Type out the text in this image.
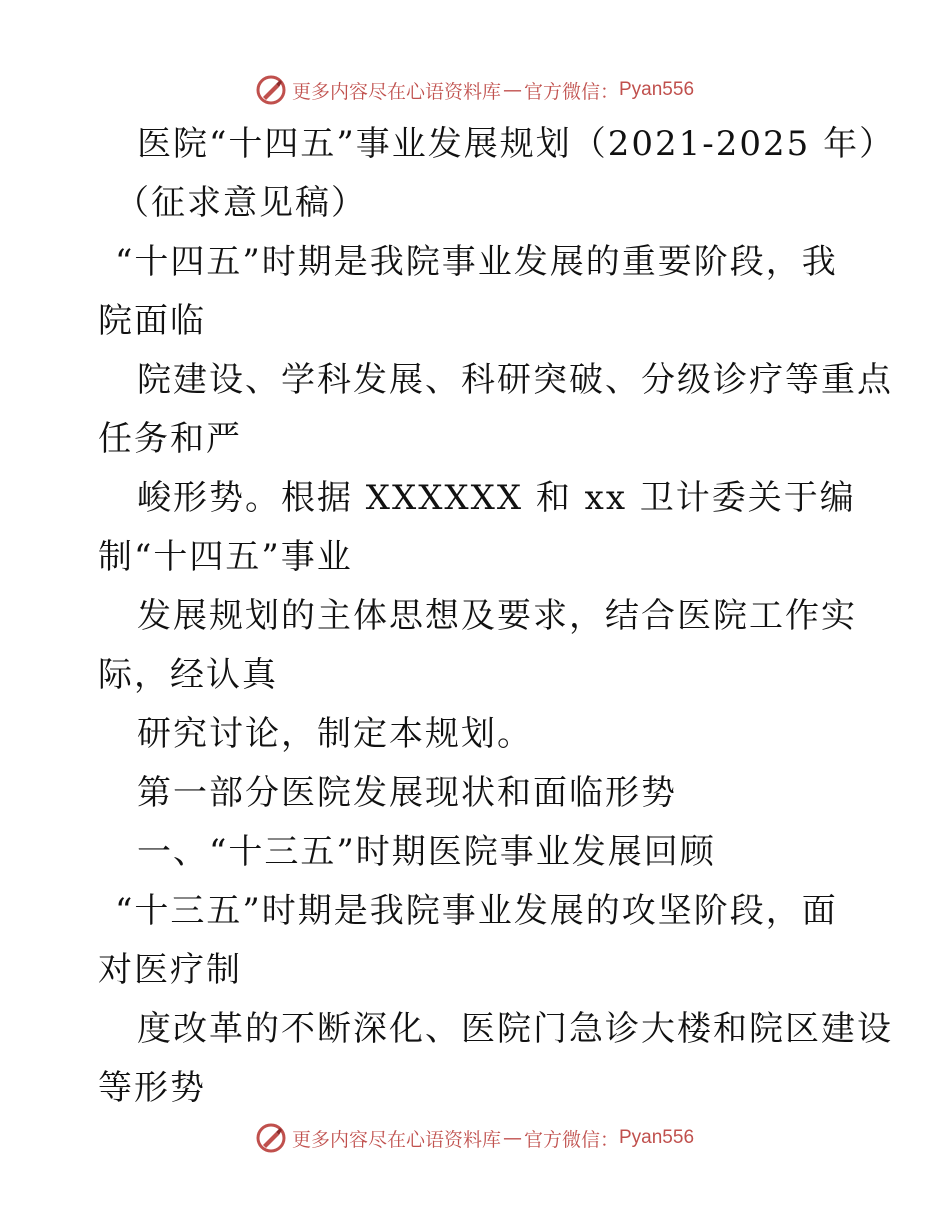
更多内容尽在心语资料库 — 官方微信： Pyan556
医院“十四五”事业发展规划（2021-2025 年）
（征求意见稿）
“十四五”时期是我院事业发展的重要阶段，我
院面临
院建设、学科发展、科研突破、分级诊疗等重点
任务和严
峻形势。根据 XXXXXX 和 xx 卫计委关于编
制“十四五”事业
发展规划的主体思想及要求，结合医院工作实
际，经认真
研究讨论，制定本规划。
第一部分医院发展现状和面临形势
一、“十三五”时期医院事业发展回顾
“十三五”时期是我院事业发展的攻坚阶段，面
对医疗制
度改革的不断深化、医院门急诊大楼和院区建设
等形势
更多内容尽在心语资料库 — 官方微信： Pyan556
